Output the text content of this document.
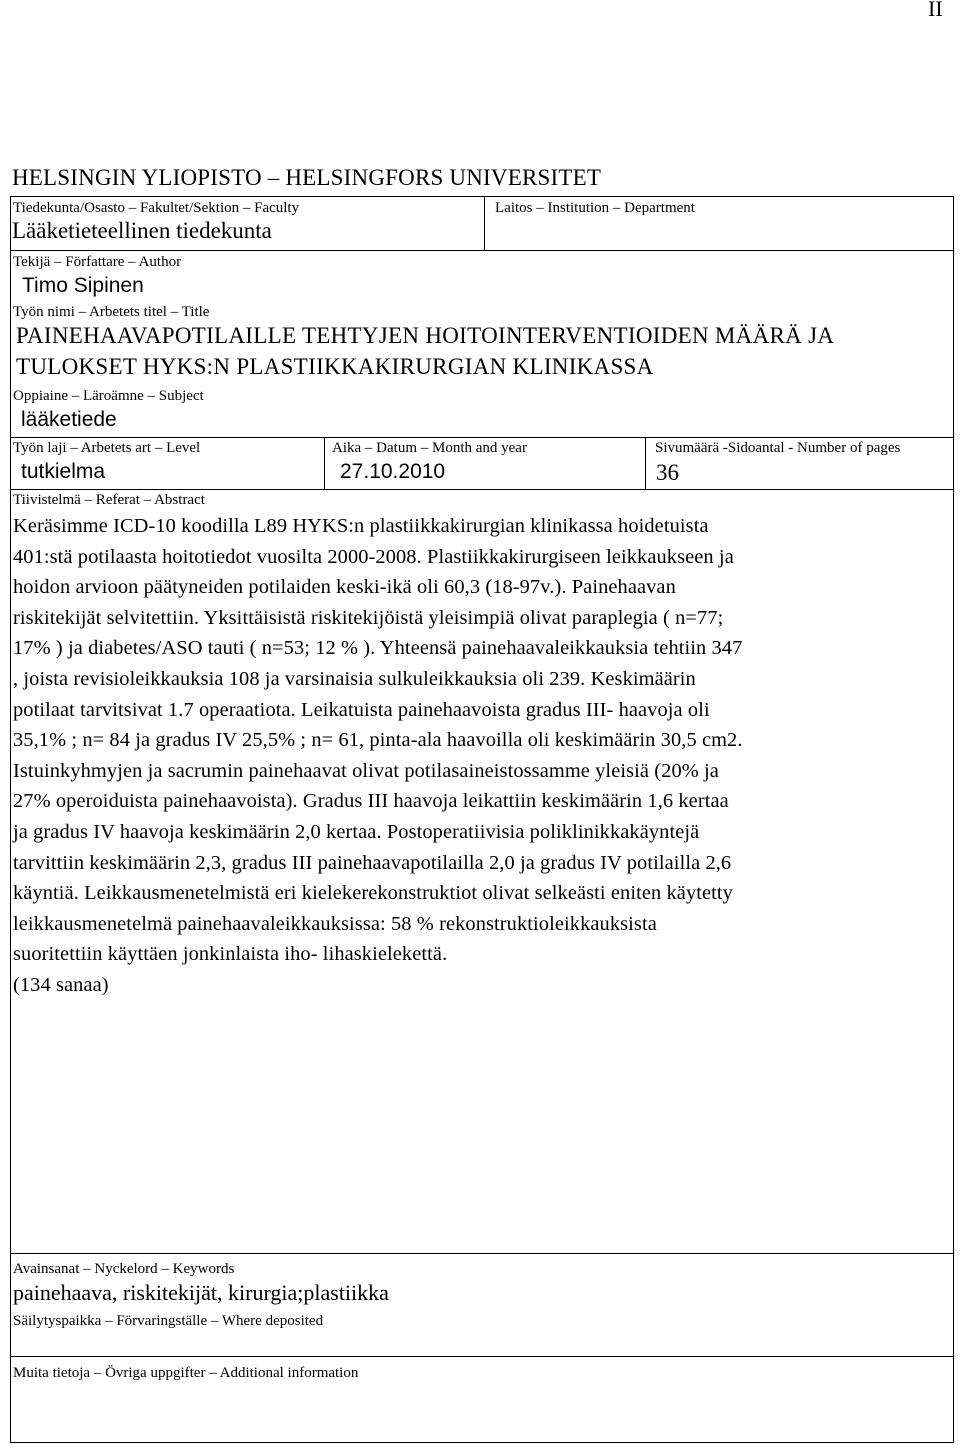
II
HELSINGIN YLIOPISTO – HELSINGFORS UNIVERSITET
Tiedekunta/Osasto – Fakultet/Sektion – Faculty
Lääketieteellinen tiedekunta
Laitos – Institution – Department
Tekijä – Författare – Author
Timo Sipinen
Työn nimi – Arbetets titel – Title
PAINEHAAVAPOTILAILLE TEHTYJEN HOITOINTERVENTIOIDEN MÄÄRÄ JA
TULOKSET HYKS:N PLASTIIKKAKIRURGIAN KLINIKASSA
Oppiaine – Läroämne – Subject
lääketiede
Työn laji – Arbetets art – Level
tutkielma
Aika – Datum – Month and year
27.10.2010
Sivumäärä -Sidoantal - Number of pages
36
Tiivistelmä – Referat – Abstract
Keräsimme ICD-10 koodilla L89 HYKS:n plastiikkakirurgian klinikassa hoidetuista
401:stä potilaasta hoitotiedot vuosilta 2000-2008. Plastiikkakirurgiseen leikkaukseen ja
hoidon arvioon päätyneiden potilaiden keski-ikä oli 60,3 (18-97v.). Painehaavan
riskitekijät selvitettiin. Yksittäisistä riskitekijöistä yleisimpiä olivat paraplegia ( n=77;
17% ) ja diabetes/ASO tauti ( n=53; 12 % ). Yhteensä painehaavaleikkauksia tehtiin 347
, joista revisioleikkauksia 108 ja varsinaisia sulkuleikkauksia oli 239. Keskimäärin
potilaat tarvitsivat 1.7 operaatiota. Leikatuista painehaavoista gradus III- haavoja oli
35,1% ; n= 84 ja gradus IV 25,5% ; n= 61, pinta-ala haavoilla oli keskimäärin 30,5 cm2.
Istuinkyhmyjen ja sacrumin painehaavat olivat potilasaineistossamme yleisiä (20% ja
27% operoiduista painehaavoista). Gradus III haavoja leikattiin keskimäärin 1,6 kertaa
ja gradus IV haavoja keskimäärin 2,0 kertaa. Postoperatiivisia poliklinikkakäyntejä
tarvittiin keskimäärin 2,3, gradus III painehaavapotilailla 2,0 ja gradus IV potilailla 2,6
käyntiä. Leikkausmenetelmistä eri kielekerekonstruktiot olivat selkeästi eniten käytetty
leikkausmenetelmä painehaavaleikkauksissa: 58 % rekonstruktioleikkauksista
suoritettiin käyttäen jonkinlaista iho- lihaskielekettä.
(134 sanaa)
Avainsanat – Nyckelord – Keywords
painehaava, riskitekijät, kirurgia;plastiikka
Säilytyspaikka – Förvaringställe – Where deposited
Muita tietoja – Övriga uppgifter – Additional information
